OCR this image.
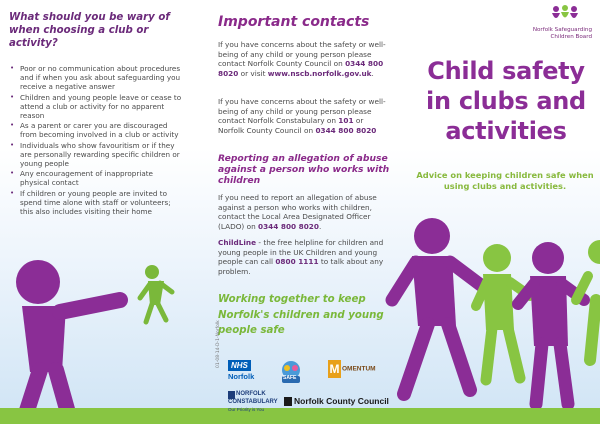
What should you be wary of when choosing a club or activity?
• Poor or no communication about procedures and if when you ask about safeguarding you receive a negative answer
• Children and young people leave or cease to attend a club or activity for no apparent reason
• As a parent or carer you are discouraged from becoming involved in a club or activity
• Individuals who show favouritism or if they are personally rewarding specific children or young people
• Any encouragement of inappropriate physical contact
• If children or young people are invited to spend time alone with staff or volunteers; this also includes visiting their home
Important contacts

If you have concerns about the safety or well-being of any child or young person please contact Norfolk County Council on 0344 800 8020 or visit www.nscb.norfolk.gov.uk.

If you have concerns about the safety or well-being of any child or young person please contact Norfolk Constabulary on 101 or Norfolk County Council on 0344 800 8020

Reporting an allegation of abuse against a person who works with children

If you need to report an allegation of abuse against a person who works with children, contact the Local Area Designated Officer (LADO) on 0344 800 8020.

ChildLine - the free helpline for children and young people in the UK Children and young people can call 0800 1111 to talk about any problem.

Working together to keep Norfolk's children and young people safe

01-08-14-D-1-Norfolk	NHS
Norfolk	SAFE
M OMENTUM
NORFOLK CONSTABULARY
Our Priority is You
Norfolk County Council
Norfolk Safeguarding Children Board
Child safety in clubs and activities

Advice on keeping children safe when using clubs and activities.
